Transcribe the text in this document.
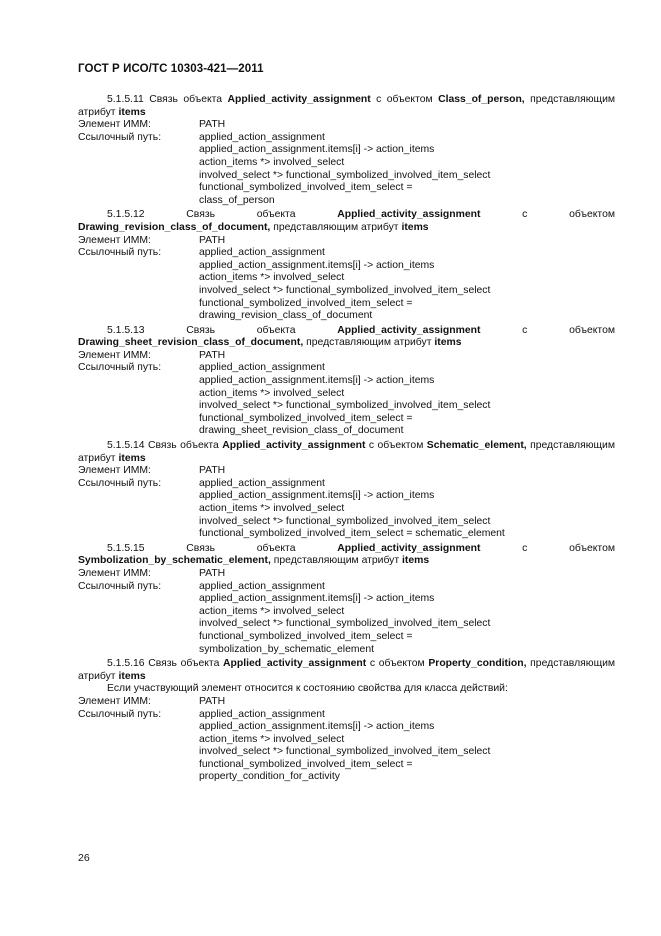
ГОСТ Р ИСО/ТС 10303-421—2011
5.1.5.11 Связь объекта Applied_activity_assignment с объектом Class_of_person, представляющим атрибут items
Элемент ИММ:	PATH
Ссылочный путь:	applied_action_assignment
applied_action_assignment.items[i] -> action_items
action_items *> involved_select
involved_select *> functional_symbolized_involved_item_select
functional_symbolized_involved_item_select =
class_of_person
5.1.5.12	Связь объекта	Applied_activity_assignment	с объектом Drawing_revision_class_of_document, представляющим атрибут items
Элемент ИММ:	PATH
Ссылочный путь:	applied_action_assignment
applied_action_assignment.items[i] -> action_items
action_items *> involved_select
involved_select *> functional_symbolized_involved_item_select
functional_symbolized_involved_item_select =
drawing_revision_class_of_document
5.1.5.13	Связь объекта	Applied_activity_assignment	с объектом Drawing_sheet_revision_class_of_document, представляющим атрибут items
Элемент ИММ:	PATH
Ссылочный путь:	applied_action_assignment
applied_action_assignment.items[i] -> action_items
action_items *> involved_select
involved_select *> functional_symbolized_involved_item_select
functional_symbolized_involved_item_select =
drawing_sheet_revision_class_of_document
5.1.5.14 Связь объекта Applied_activity_assignment с объектом Schematic_element, представляющим атрибут items
Элемент ИММ:	PATH
Ссылочный путь:	applied_action_assignment
applied_action_assignment.items[i] -> action_items
action_items *> involved_select
involved_select *> functional_symbolized_involved_item_select
functional_symbolized_involved_item_select = schematic_element
5.1.5.15	Связь объекта	Applied_activity_assignment	с объектом Symbolization_by_schematic_element, представляющим атрибут items
Элемент ИММ:	PATH
Ссылочный путь:	applied_action_assignment
applied_action_assignment.items[i] -> action_items
action_items *> involved_select
involved_select *> functional_symbolized_involved_item_select
functional_symbolized_involved_item_select =
symbolization_by_schematic_element
5.1.5.16 Связь объекта Applied_activity_assignment с объектом Property_condition, представляющим атрибут items
Если участвующий элемент относится к состоянию свойства для класса действий:
Элемент ИММ:	PATH
Ссылочный путь:	applied_action_assignment
applied_action_assignment.items[i] -> action_items
action_items *> involved_select
involved_select *> functional_symbolized_involved_item_select
functional_symbolized_involved_item_select =
property_condition_for_activity
26
